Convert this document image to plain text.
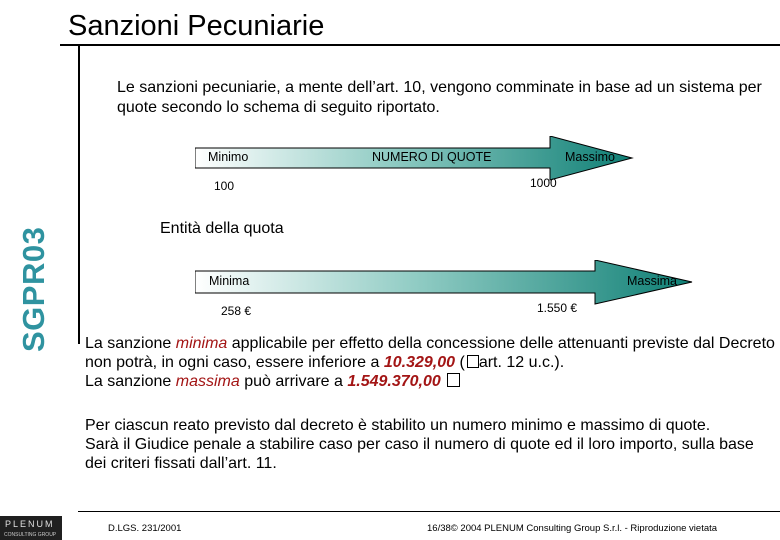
Sanzioni Pecuniarie
SGPR03
Le sanzioni pecuniarie, a mente dell’art. 10, vengono comminate in base ad un sistema per quote secondo lo schema di seguito riportato.
Minimo	NUMERO DI QUOTE	Massimo
100	1000
Entità della quota
Minima	Massima
258 €	1.550 €
La sanzione minima applicabile per effetto della concessione delle attenuanti previste dal Decreto non potrà, in ogni caso, essere inferiore a 10.329,00 ( art. 12 u.c.).
La sanzione massima può arrivare a 1.549.370,00
Per ciascun reato previsto dal decreto è stabilito un numero minimo e massimo di quote.
Sarà il Giudice penale a stabilire caso per caso il numero di quote ed il loro importo, sulla base dei criteri fissati dall’art. 11.
PLENUM
CONSULTING GROUP
D.LGS. 231/2001	16/38© 2004 PLENUM Consulting Group S.r.l. - Riproduzione vietata
